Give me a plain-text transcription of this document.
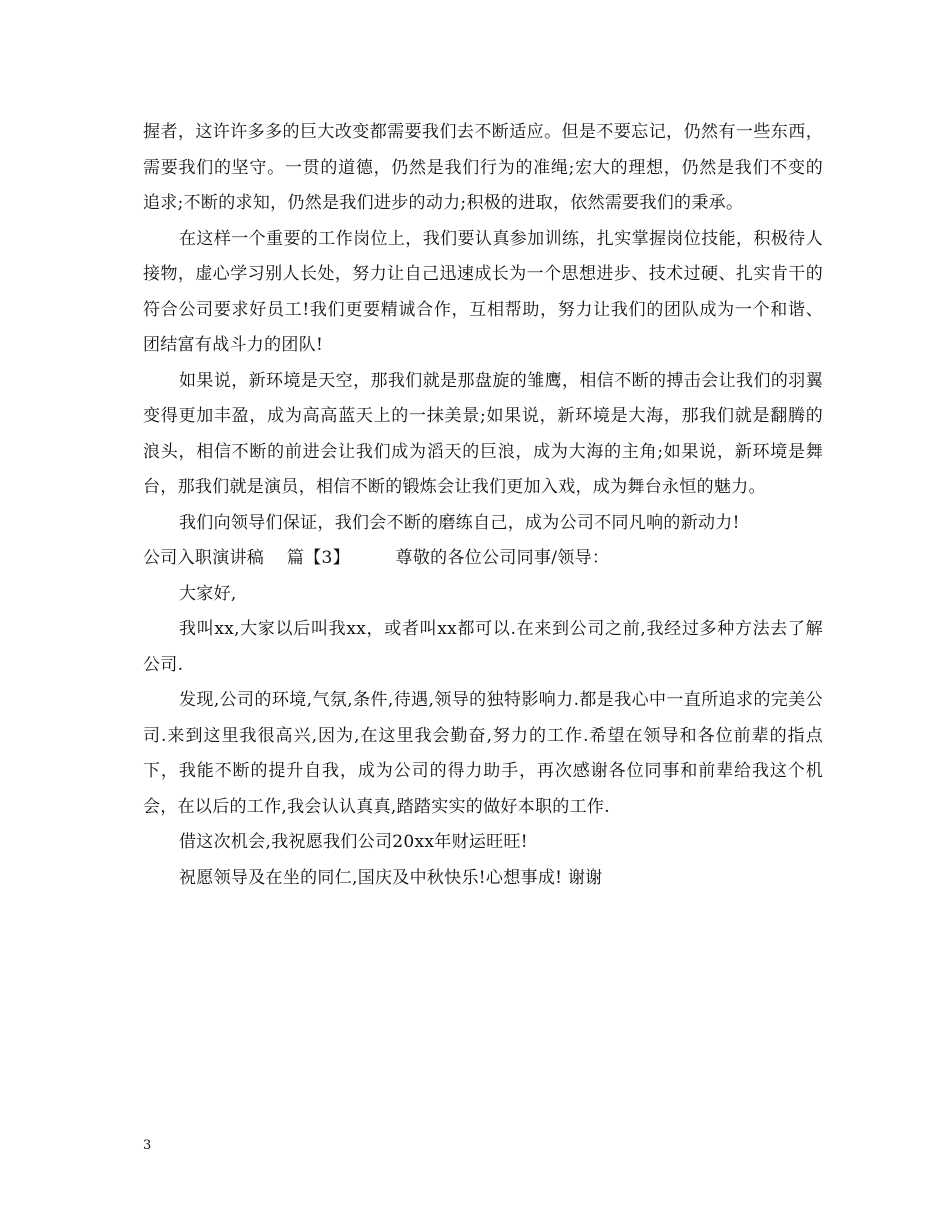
握者，这许许多多的巨大改变都需要我们去不断适应。但是不要忘记，仍然有一些东西，需要我们的坚守。一贯的道德，仍然是我们行为的准绳;宏大的理想，仍然是我们不变的追求;不断的求知，仍然是我们进步的动力;积极的进取，依然需要我们的秉承。

在这样一个重要的工作岗位上，我们要认真参加训练，扎实掌握岗位技能，积极待人接物，虚心学习别人长处，努力让自己迅速成长为一个思想进步、技术过硬、扎实肯干的符合公司要求好员工!我们更要精诚合作，互相帮助，努力让我们的团队成为一个和谐、团结富有战斗力的团队!

如果说，新环境是天空，那我们就是那盘旋的雏鹰，相信不断的搏击会让我们的羽翼变得更加丰盈，成为高高蓝天上的一抹美景;如果说，新环境是大海，那我们就是翻腾的浪头，相信不断的前进会让我们成为滔天的巨浪，成为大海的主角;如果说，新环境是舞台，那我们就是演员，相信不断的锻炼会让我们更加入戏，成为舞台永恒的魅力。

我们向领导们保证，我们会不断的磨练自己，成为公司不同凡响的新动力!

公司入职演讲稿    篇【3】        尊敬的各位公司同事/领导：

大家好,

我叫xx,大家以后叫我xx，或者叫xx都可以.在来到公司之前,我经过多种方法去了解公司.

发现,公司的环境,气氛,条件,待遇,领导的独特影响力.都是我心中一直所追求的完美公司.来到这里我很高兴,因为,在这里我会勤奋,努力的工作.希望在领导和各位前辈的指点下，我能不断的提升自我，成为公司的得力助手，再次感谢各位同事和前辈给我这个机会，在以后的工作,我会认认真真,踏踏实实的做好本职的工作.

借这次机会,我祝愿我们公司20xx年财运旺旺!

祝愿领导及在坐的同仁,国庆及中秋快乐!心想事成! 谢谢

3
